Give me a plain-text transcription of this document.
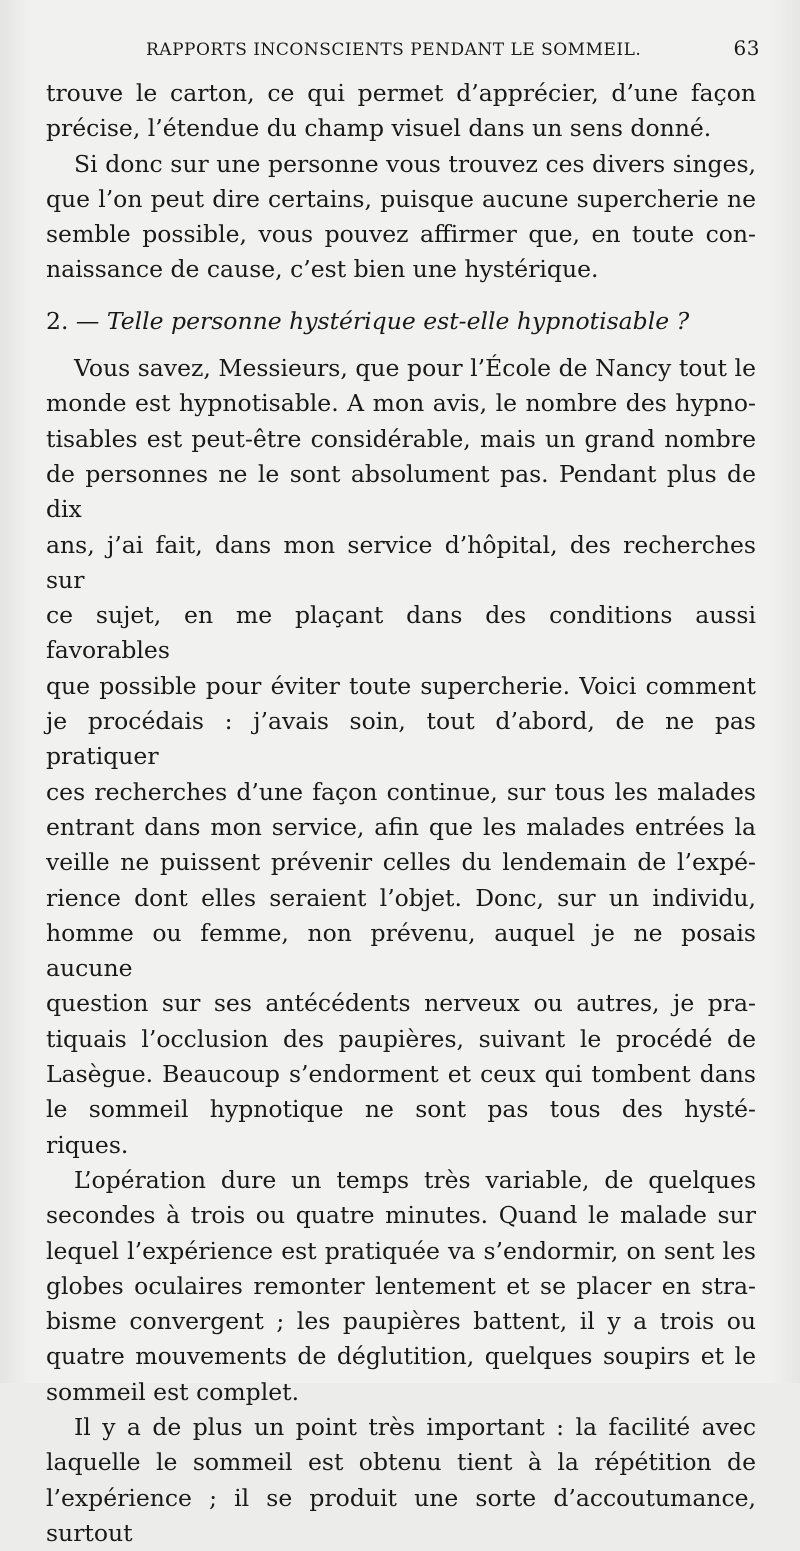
RAPPORTS INCONSCIENTS PENDANT LE SOMMEIL.	63

trouve le carton, ce qui permet d’apprécier, d’une façon
précise, l’étendue du champ visuel dans un sens donné.

Si donc sur une personne vous trouvez ces divers singes,
que l’on peut dire certains, puisque aucune supercherie ne
semble possible, vous pouvez affirmer que, en toute con-
naissance de cause, c’est bien une hystérique.

2. — Telle personne hystérique est-elle hypnotisable ?

Vous savez, Messieurs, que pour l’École de Nancy tout le
monde est hypnotisable. A mon avis, le nombre des hypno-
tisables est peut-être considérable, mais un grand nombre
de personnes ne le sont absolument pas. Pendant plus de dix
ans, j’ai fait, dans mon service d’hôpital, des recherches sur
ce sujet, en me plaçant dans des conditions aussi favorables
que possible pour éviter toute supercherie. Voici comment
je procédais : j’avais soin, tout d’abord, de ne pas pratiquer
ces recherches d’une façon continue, sur tous les malades
entrant dans mon service, afin que les malades entrées la
veille ne puissent prévenir celles du lendemain de l’expé-
rience dont elles seraient l’objet. Donc, sur un individu,
homme ou femme, non prévenu, auquel je ne posais aucune
question sur ses antécédents nerveux ou autres, je pra-
tiquais l’occlusion des paupières, suivant le procédé de
Lasègue. Beaucoup s’endorment et ceux qui tombent dans
le sommeil hypnotique ne sont pas tous des hysté-
riques.

L’opération dure un temps très variable, de quelques
secondes à trois ou quatre minutes. Quand le malade sur
lequel l’expérience est pratiquée va s’endormir, on sent les
globes oculaires remonter lentement et se placer en stra-
bisme convergent ; les paupières battent, il y a trois ou
quatre mouvements de déglutition, quelques soupirs et le
sommeil est complet.

Il y a de plus un point très important : la facilité avec
laquelle le sommeil est obtenu tient à la répétition de
l’expérience ; il se produit une sorte d’accoutumance, surtout
